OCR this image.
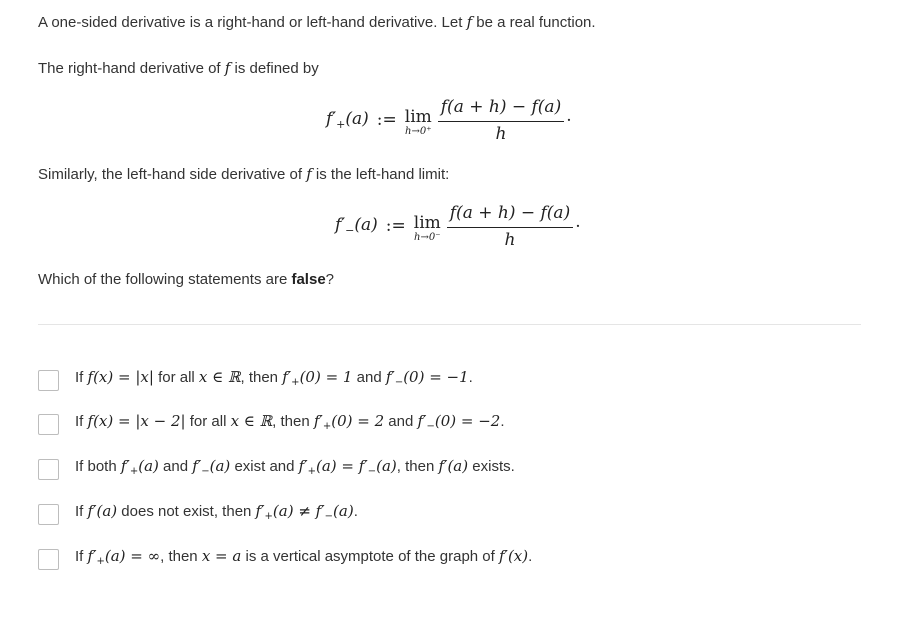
A one-sided derivative is a right-hand or left-hand derivative. Let f be a real function.
The right-hand derivative of f is defined by
$f'_+(a)$ := lim
$h\to 0^+ \frac{f(a + h) - f(a)}{h}$ .
Similarly, the left-hand side derivative of f is the left-hand limit:
$f'_-(a)$ := lim
$h\to 0^- \frac{f(a + h) - f(a)}{h}$ .
Which of the following statements are false?
If f(x) = |x| for all x ∈ ℝ, then $f'_+(0) = 1$ and $f'_-(0) = -1$.
If f(x) = |x − 2| for all x ∈ ℝ, then $f'_+(0) = 2$ and $f'_-(0) = -2$.
If both $f'_+(a)$ and $f'_-(a)$ exist and $f'_+(a) = f'_-(a)$, then f′(a) exists.
If f′(a) does not exist, then $f'_+(a) \ne f'_-(a)$.
If $f'_+(a)$ = ∞, then x = a is a vertical asymptote of the graph of f′(x).
